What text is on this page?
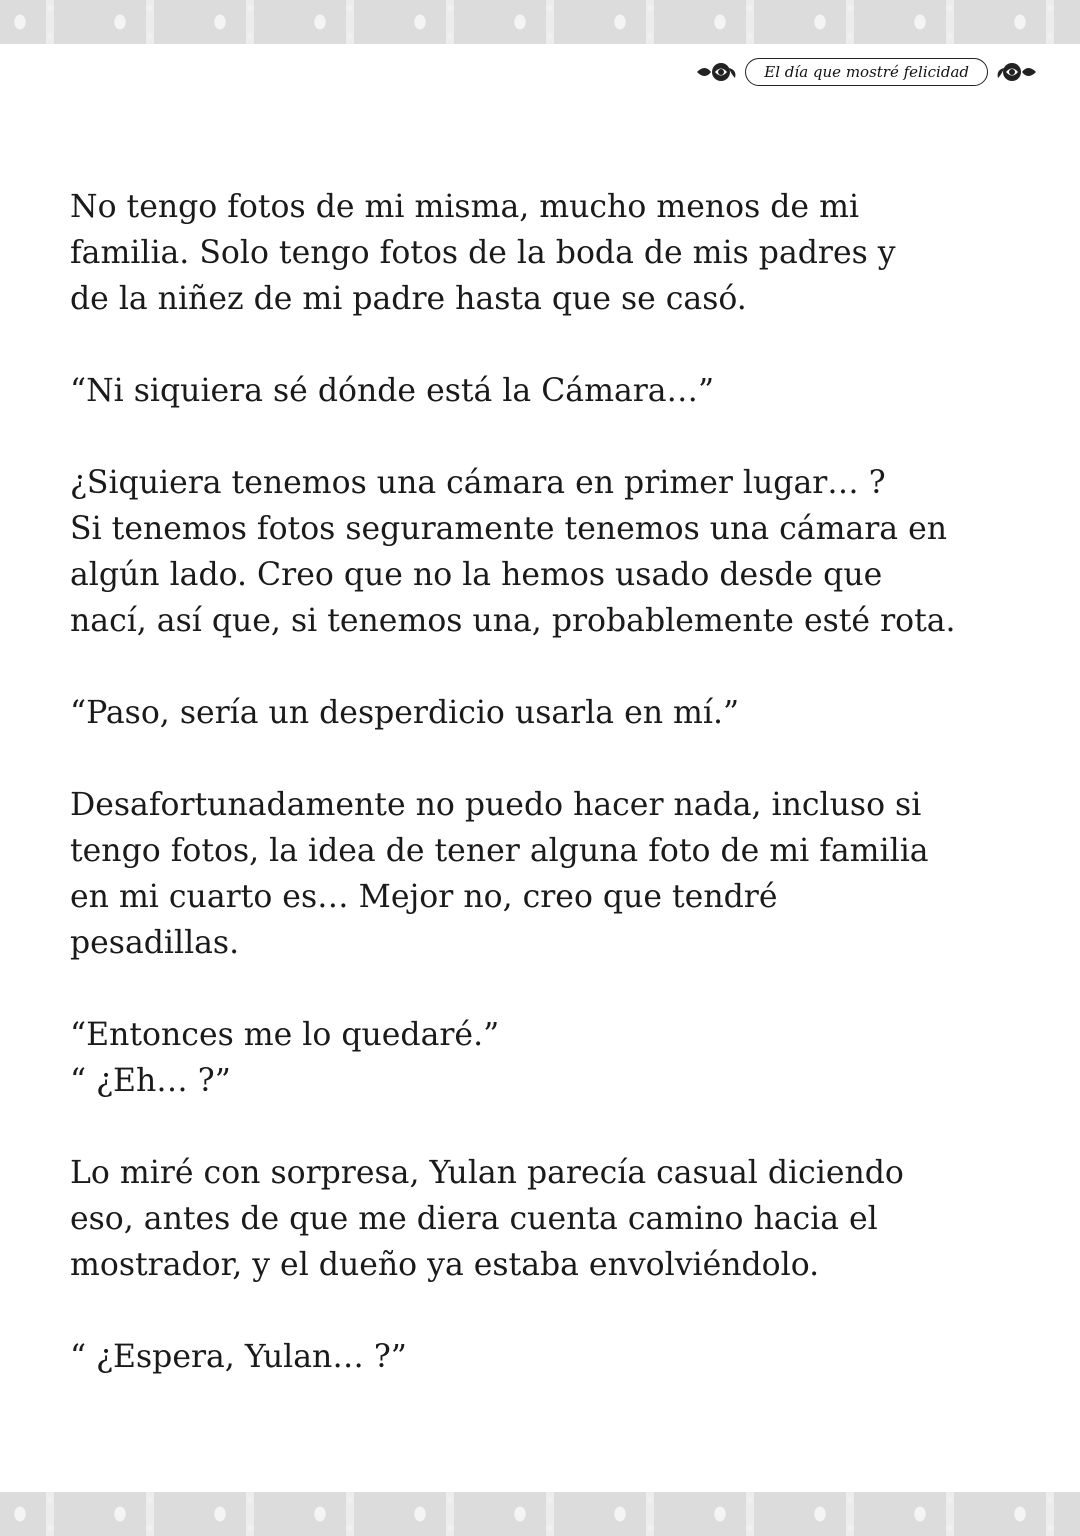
El día que mostré felicidad

No tengo fotos de mi misma, mucho menos de mi
familia. Solo tengo fotos de la boda de mis padres y
de la niñez de mi padre hasta que se casó.

“Ni siquiera sé dónde está la Cámara…”

¿Siquiera tenemos una cámara en primer lugar… ?
Si tenemos fotos seguramente tenemos una cámara en
algún lado. Creo que no la hemos usado desde que
nací, así que, si tenemos una, probablemente esté rota.

“Paso, sería un desperdicio usarla en mí.”

Desafortunadamente no puedo hacer nada, incluso si
tengo fotos, la idea de tener alguna foto de mi familia
en mi cuarto es… Mejor no, creo que tendré
pesadillas.

“Entonces me lo quedaré.”
“ ¿Eh… ?”

Lo miré con sorpresa, Yulan parecía casual diciendo
eso, antes de que me diera cuenta camino hacia el
mostrador, y el dueño ya estaba envolviéndolo.

“ ¿Espera, Yulan… ?”
